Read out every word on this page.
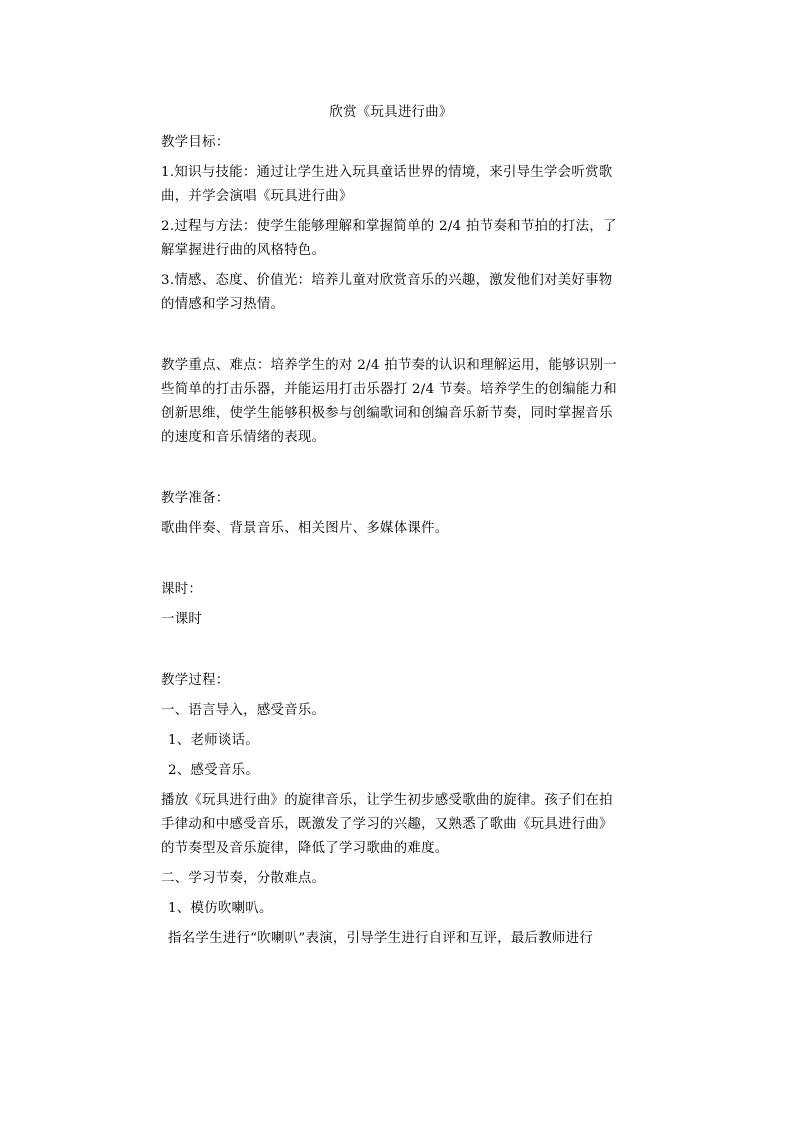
欣赏《玩具进行曲》
教学目标：
1.知识与技能：通过让学生进入玩具童话世界的情境，来引导生学会听赏歌
曲，并学会演唱《玩具进行曲》
2.过程与方法：使学生能够理解和掌握简单的 2/4 拍节奏和节拍的打法，了
解掌握进行曲的风格特色。
3.情感、态度、价值光：培养儿童对欣赏音乐的兴趣，激发他们对美好事物
的情感和学习热情。
教学重点、难点：培养学生的对 2/4 拍节奏的认识和理解运用，能够识别一
些简单的打击乐器，并能运用打击乐器打 2/4 节奏。培养学生的创编能力和
创新思维，使学生能够积极参与创编歌词和创编音乐新节奏，同时掌握音乐
的速度和音乐情绪的表现。
教学准备：
歌曲伴奏、背景音乐、相关图片、多媒体课件。
课时：
一课时
教学过程：
一、语言导入，感受音乐。
1、老师谈话。
2、感受音乐。
播放《玩具进行曲》的旋律音乐，让学生初步感受歌曲的旋律。孩子们在拍
手律动和中感受音乐，既激发了学习的兴趣，又熟悉了歌曲《玩具进行曲》
的节奏型及音乐旋律，降低了学习歌曲的难度。
二、学习节奏，分散难点。
1、模仿吹喇叭。
指名学生进行“吹喇叭”表演，引导学生进行自评和互评，最后教师进行
